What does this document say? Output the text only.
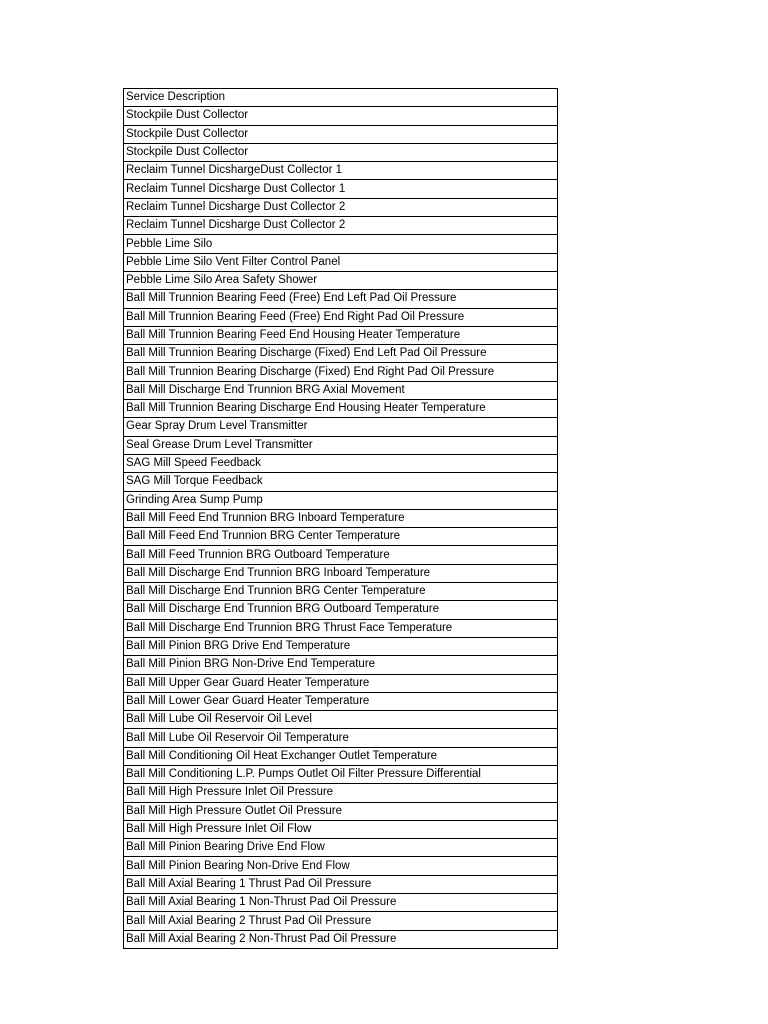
Service Description
Stockpile Dust Collector
Stockpile Dust Collector
Stockpile Dust Collector
Reclaim Tunnel DicshargeDust Collector 1
Reclaim Tunnel Dicsharge Dust Collector 1
Reclaim Tunnel Dicsharge Dust Collector 2
Reclaim Tunnel Dicsharge Dust Collector 2
Pebble Lime Silo
Pebble Lime Silo Vent Filter Control Panel
Pebble Lime Silo Area Safety Shower
Ball Mill Trunnion Bearing Feed (Free) End Left Pad Oil Pressure
Ball Mill Trunnion Bearing Feed (Free) End Right Pad Oil Pressure
Ball Mill Trunnion Bearing Feed End Housing Heater Temperature
Ball Mill Trunnion Bearing Discharge (Fixed) End Left Pad Oil Pressure
Ball Mill Trunnion Bearing Discharge (Fixed) End Right Pad Oil Pressure
Ball Mill Discharge End Trunnion BRG Axial Movement
Ball Mill Trunnion Bearing Discharge End Housing Heater Temperature
Gear Spray Drum Level Transmitter
Seal Grease Drum Level Transmitter
SAG Mill Speed Feedback
SAG Mill Torque Feedback
Grinding Area Sump Pump
Ball Mill Feed End Trunnion BRG Inboard Temperature
Ball Mill Feed End Trunnion BRG Center Temperature
Ball Mill Feed Trunnion BRG Outboard Temperature
Ball Mill Discharge End Trunnion BRG Inboard Temperature
Ball Mill Discharge End Trunnion BRG Center Temperature
Ball Mill Discharge End Trunnion BRG Outboard Temperature
Ball Mill Discharge End Trunnion BRG Thrust Face Temperature
Ball Mill Pinion BRG Drive End Temperature
Ball Mill Pinion BRG Non-Drive End Temperature
Ball Mill Upper Gear Guard Heater Temperature
Ball Mill Lower Gear Guard Heater Temperature
Ball Mill Lube Oil Reservoir Oil Level
Ball Mill Lube Oil Reservoir Oil Temperature
Ball Mill Conditioning Oil Heat Exchanger Outlet Temperature
Ball Mill Conditioning L.P. Pumps Outlet Oil Filter Pressure Differential
Ball Mill High Pressure Inlet Oil Pressure
Ball Mill High Pressure Outlet Oil Pressure
Ball Mill High Pressure Inlet Oil Flow
Ball Mill Pinion Bearing Drive End Flow
Ball Mill Pinion Bearing Non-Drive End Flow
Ball Mill Axial Bearing 1 Thrust Pad Oil Pressure
Ball Mill Axial Bearing 1 Non-Thrust Pad Oil Pressure
Ball Mill Axial Bearing 2 Thrust Pad Oil Pressure
Ball Mill Axial Bearing 2 Non-Thrust Pad Oil Pressure
